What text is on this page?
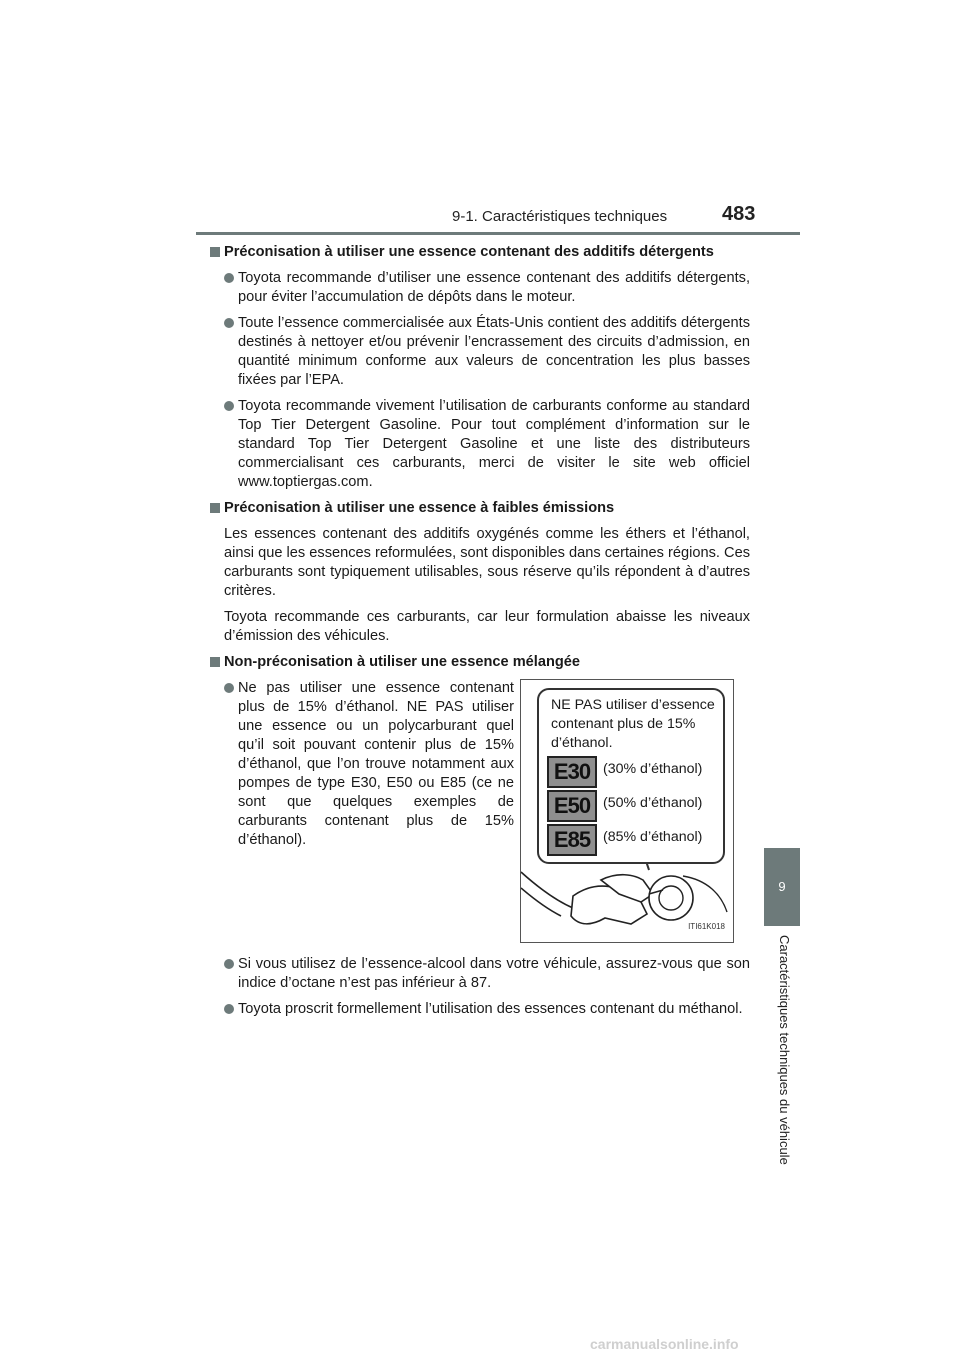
9-1. Caractéristiques techniques	483
9
Caractéristiques techniques du véhicule
Préconisation à utiliser une essence contenant des additifs détergents
Toyota recommande d’utiliser une essence contenant des additifs détergents, pour éviter l’accumulation de dépôts dans le moteur.
Toute l’essence commercialisée aux États-Unis contient des additifs détergents destinés à nettoyer et/ou prévenir l’encrassement des circuits d’admission, en quantité minimum conforme aux valeurs de concentration les plus basses fixées par l’EPA.
Toyota recommande vivement l’utilisation de carburants conforme au standard Top Tier Detergent Gasoline. Pour tout complément d’information sur le standard Top Tier Detergent Gasoline et une liste des distributeurs commercialisant ces carburants, merci de visiter le site web officiel www.toptiergas.com.
Préconisation à utiliser une essence à faibles émissions

Les essences contenant des additifs oxygénés comme les éthers et l’éthanol, ainsi que les essences reformulées, sont disponibles dans certaines régions. Ces carburants sont typiquement utilisables, sous réserve qu’ils répondent à d’autres critères.

Toyota recommande ces carburants, car leur formulation abaisse les niveaux d’émission des véhicules.

Non-préconisation à utiliser une essence mélangée
Ne pas utiliser une essence contenant plus de 15% d’éthanol. NE PAS utiliser une essence ou un polycarburant quel qu’il soit pouvant contenir plus de 15% d’éthanol, que l’on trouve notamment aux pompes de type E30, E50 ou E85 (ce ne sont que quelques exemples de carburants contenant plus de 15% d’éthanol).
NE PAS utiliser d’essence contenant plus de 15% d’éthanol.
E30 (30% d’éthanol)
E50 (50% d’éthanol)
E85 (85% d’éthanol)
ITI61K018
Si vous utilisez de l’essence-alcool dans votre véhicule, assurez-vous que son indice d’octane n’est pas inférieur à 87.
Toyota proscrit formellement l’utilisation des essences contenant du méthanol.
carmanualsonline.info
